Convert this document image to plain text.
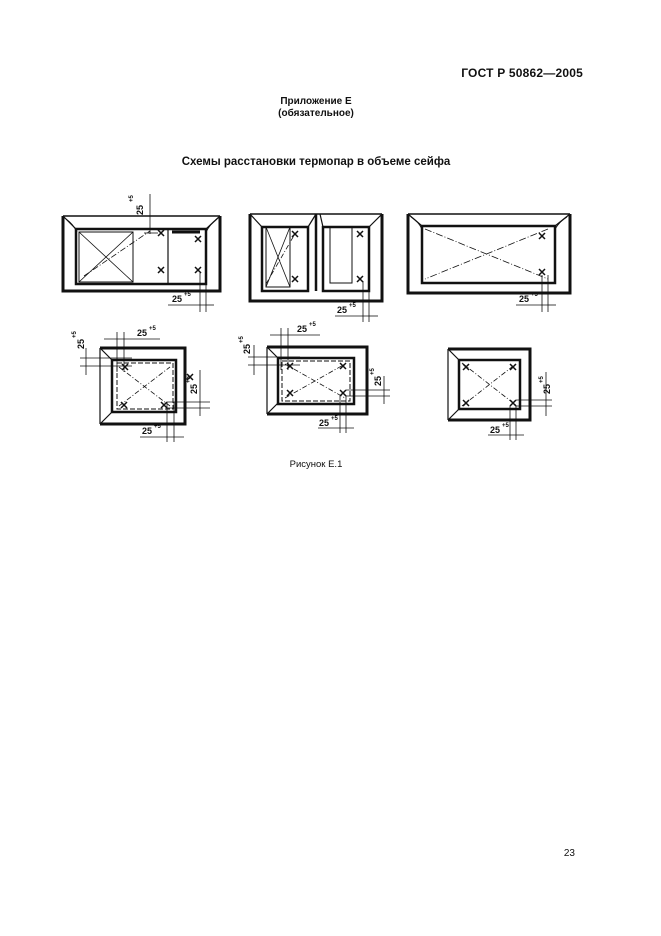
ГОСТ Р 50862—2005
Приложение Е
(обязательное)
Схемы расстановки термопар в объеме сейфа
25
+5
25 +5
25 +5
25 +5
25
+5	25 +5
25
+5
25 +5
25
+5
25 +5
25
+5
25 +5
25
+5
25 +5
Рисунок Е.1
23
